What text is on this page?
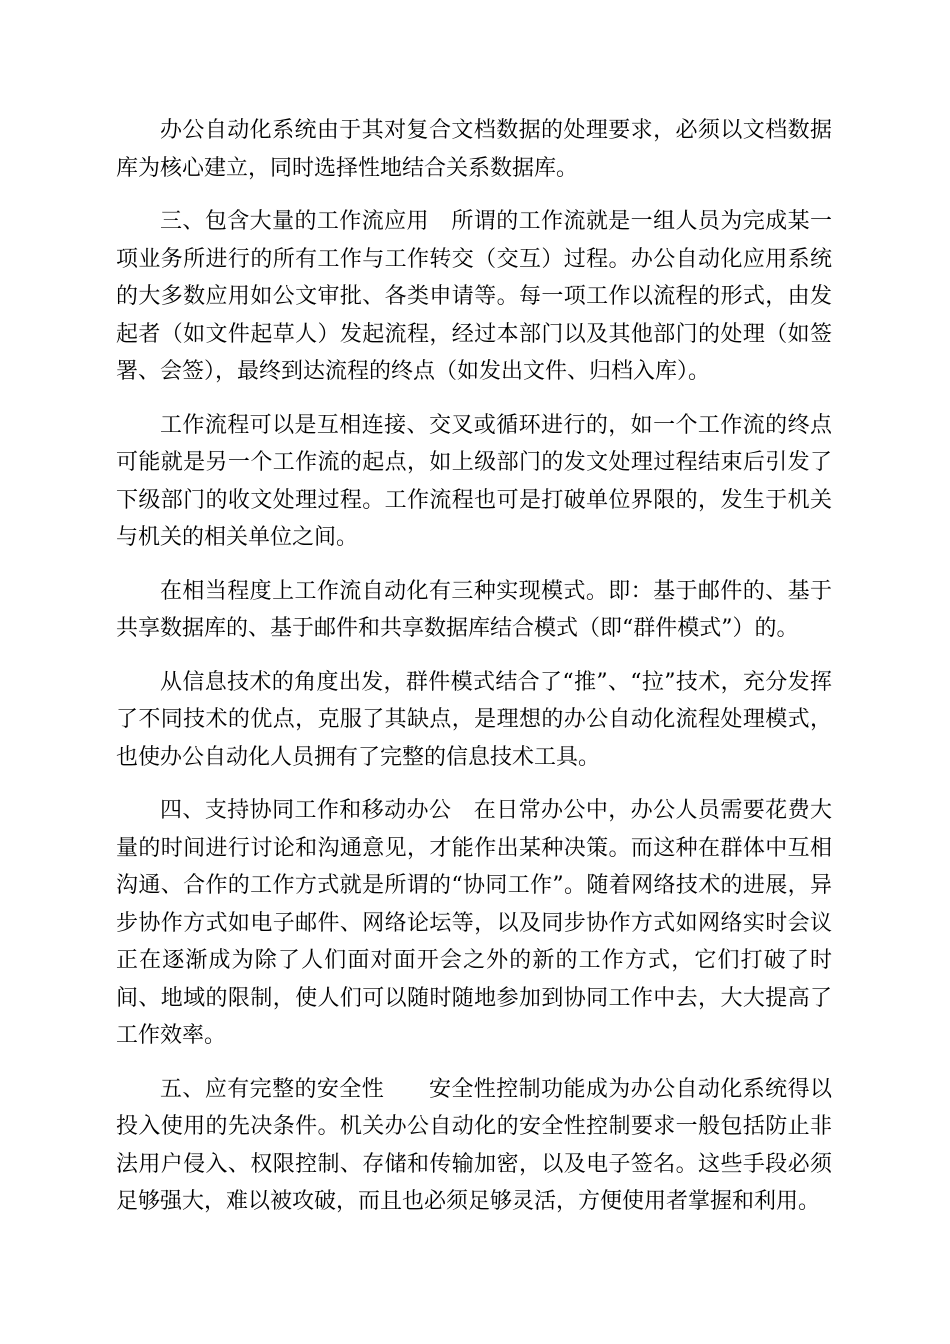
办公自动化系统由于其对复合文档数据的处理要求，必须以文档数据库为核心建立，同时选择性地结合关系数据库。

三、包含大量的工作流应用　所谓的工作流就是一组人员为完成某一项业务所进行的所有工作与工作转交（交互）过程。办公自动化应用系统的大多数应用如公文审批、各类申请等。每一项工作以流程的形式，由发起者（如文件起草人）发起流程，经过本部门以及其他部门的处理（如签署、会签），最终到达流程的终点（如发出文件、归档入库）。

工作流程可以是互相连接、交叉或循环进行的，如一个工作流的终点可能就是另一个工作流的起点，如上级部门的发文处理过程结束后引发了下级部门的收文处理过程。工作流程也可是打破单位界限的，发生于机关与机关的相关单位之间。

在相当程度上工作流自动化有三种实现模式。即：基于邮件的、基于共享数据库的、基于邮件和共享数据库结合模式（即“群件模式”）的。

从信息技术的角度出发，群件模式结合了“推”、“拉”技术，充分发挥了不同技术的优点，克服了其缺点，是理想的办公自动化流程处理模式，也使办公自动化人员拥有了完整的信息技术工具。

四、支持协同工作和移动办公　在日常办公中，办公人员需要花费大量的时间进行讨论和沟通意见，才能作出某种决策。而这种在群体中互相沟通、合作的工作方式就是所谓的“协同工作”。随着网络技术的进展，异步协作方式如电子邮件、网络论坛等，以及同步协作方式如网络实时会议正在逐渐成为除了人们面对面开会之外的新的工作方式，它们打破了时间、地域的限制，使人们可以随时随地参加到协同工作中去，大大提高了工作效率。

五、应有完整的安全性　　安全性控制功能成为办公自动化系统得以投入使用的先决条件。机关办公自动化的安全性控制要求一般包括防止非法用户侵入、权限控制、存储和传输加密，以及电子签名。这些手段必须足够强大，难以被攻破，而且也必须足够灵活，方便使用者掌握和利用。
